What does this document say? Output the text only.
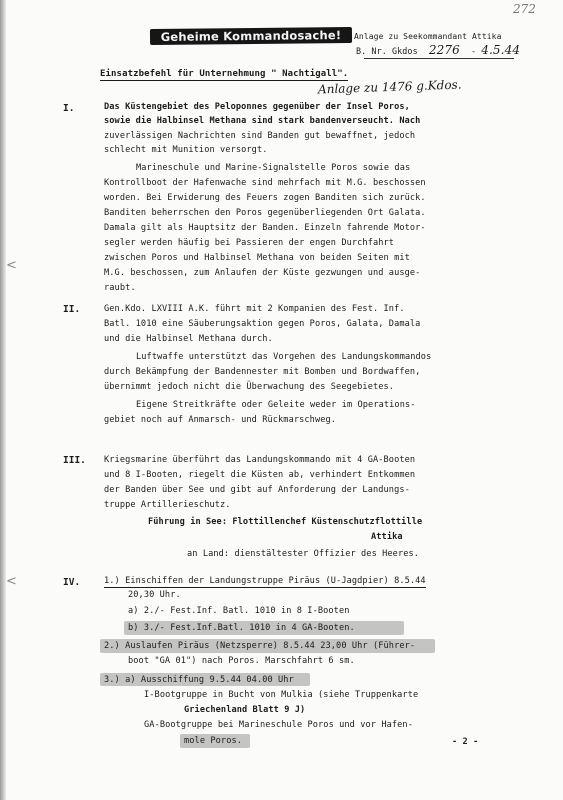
<
<
272
Geheime Kommandosache!	Anlage zu Seekommandant Attika
B. Nr. Gkdos 2276 - 4.5.44
Einsatzbefehl für Unternehmung " Nachtigall".
Anlage zu 1476 g.Kdos.
I.	Das Küstengebiet des Peloponnes gegenüber der Insel Poros,
sowie die Halbinsel Methana sind stark bandenverseucht. Nach
zuverlässigen Nachrichten sind Banden gut bewaffnet, jedoch
schlecht mit Munition versorgt.
Marineschule und Marine-Signalstelle Poros sowie das
Kontrollboot der Hafenwache sind mehrfach mit M.G. beschossen
worden. Bei Erwiderung des Feuers zogen Banditen sich zurück.
Banditen beherrschen den Poros gegenüberliegenden Ort Galata.
Damala gilt als Hauptsitz der Banden. Einzeln fahrende Motor-
segler werden häufig bei Passieren der engen Durchfahrt
zwischen Poros und Halbinsel Methana von beiden Seiten mit
M.G. beschossen, zum Anlaufen der Küste gezwungen und ausge-
raubt.
II.	Gen.Kdo. LXVIII A.K. führt mit 2 Kompanien des Fest. Inf.
Batl. 1010 eine Säuberungsaktion gegen Poros, Galata, Damala
und die Halbinsel Methana durch.
Luftwaffe unterstützt das Vorgehen des Landungskommandos
durch Bekämpfung der Bandennester mit Bomben und Bordwaffen,
übernimmt jedoch nicht die Überwachung des Seegebietes.
Eigene Streitkräfte oder Geleite weder im Operations-
gebiet noch auf Anmarsch- und Rückmarschweg.
III. Kriegsmarine überführt das Landungskommando mit 4 GA-Booten
und 8 I-Booten, riegelt die Küsten ab, verhindert Entkommen
der Banden über See und gibt auf Anforderung der Landungs-
truppe Artillerieschutz.
Führung in See: Flottillenchef Küstenschutzflottille
Attika
an Land: dienstältester Offizier des Heeres.
IV.	1.) Einschiffen der Landungstruppe Piräus (U-Jagdpier) 8.5.44
20,30 Uhr.
a) 2./- Fest.Inf. Batl. 1010 in 8 I-Booten
b) 3./- Fest.Inf.Batl. 1010 in 4 GA-Booten.
2.) Auslaufen Piräus (Netzsperre) 8.5.44 23,00 Uhr (Führer-
boot "GA 01") nach Poros. Marschfahrt 6 sm.
3.) a) Ausschiffung 9.5.44 04.00 Uhr
I-Bootgruppe in Bucht von Mulkia (siehe Truppenkarte
Griechenland Blatt 9 J)
GA-Bootgruppe bei Marineschule Poros und vor Hafen-
mole Poros.	- 2 -
